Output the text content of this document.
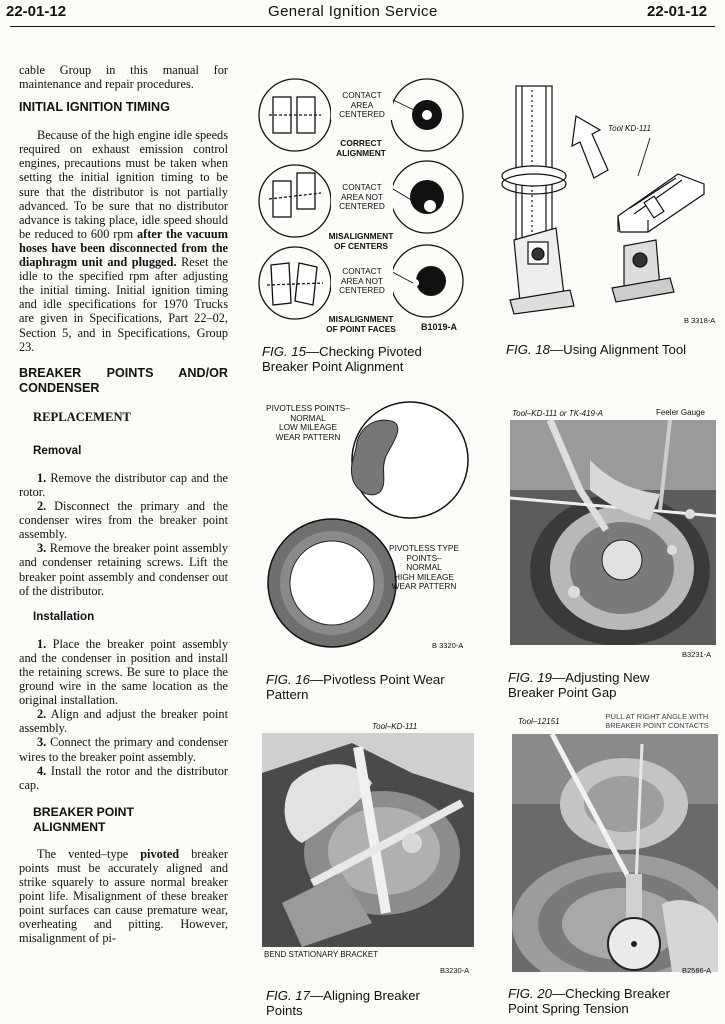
22-01-12	General Ignition Service	22-01-12

cable Group in this manual for maintenance and repair procedures.

INITIAL IGNITION TIMING

Because of the high engine idle speeds required on exhaust emission control engines, precautions must be taken when setting the initial ignition timing to be sure that the distributor is not partially advanced. To be sure that no distributor advance is taking place, idle speed should be reduced to 600 rpm after the vacuum hoses have been disconnected from the diaphragm unit and plugged. Reset the idle to the specified rpm after adjusting the initial timing. Initial ignition timing and idle specifications for 1970 Trucks are given in Specifications, Part 22–02, Section 5, and in Specifications, Group 23.

BREAKER POINTS AND/OR CONDENSER

REPLACEMENT

Removal

1. Remove the distributor cap and the rotor.

2. Disconnect the primary and the condenser wires from the breaker point assembly.

3. Remove the breaker point assembly and condenser retaining screws. Lift the breaker point assembly and condenser out of the distributor.

Installation

1. Place the breaker point assembly and the condenser in position and install the retaining screws. Be sure to place the ground wire in the same location as the original installation.

2. Align and adjust the breaker point assembly.

3. Connect the primary and condenser wires to the breaker point assembly.

4. Install the rotor and the distributor cap.

BREAKER POINT ALIGNMENT

The vented–type pivoted breaker points must be accurately aligned and strike squarely to assure normal breaker point life. Misalignment of these breaker point surfaces can cause premature wear, overheating and pitting. However, misalignment of pi-

CONTACT
AREA
CENTERED
CORRECT
ALIGNMENT
CONTACT
AREA NOT
CENTERED
MISALIGNMENT
OF CENTERS
CONTACT
AREA NOT
CENTERED
MISALIGNMENT
OF POINT FACES	B1019-A
FIG. 15—Checking Pivoted
Breaker Point Alignment
Tool KD-111
B 3318-A
FIG. 18—Using Alignment Tool
PIVOTLESS POINTS–
NORMAL
LOW MILEAGE
WEAR PATTERN
PIVOTLESS TYPE
POINTS–
NORMAL
HIGH MILEAGE
WEAR PATTERN
B 3320-A
FIG. 16—Pivotless Point Wear
Pattern
Tool–KD-111 or TK-419-A	Feeler Gauge
B3231-A
FIG. 19—Adjusting New
Breaker Point Gap
Tool–KD-111
BEND STATIONARY BRACKET
B3230-A
FIG. 17—Aligning Breaker
Points
Tool–12151
PULL AT RIGHT ANGLE WITH
BREAKER POINT CONTACTS
B2586-A
FIG. 20—Checking Breaker
Point Spring Tension
